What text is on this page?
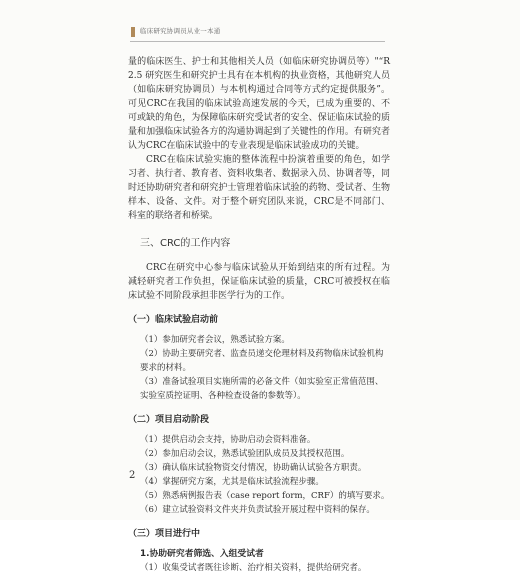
临床研究协调员从业一本通

量的临床医生、护士和其他相关人员（如临床研究协调员等）"“R2.5 研究医生和研究护士具有在本机构的执业资格，其他研究人员（如临床研究协调员）与本机构通过合同等方式约定提供服务”。可见CRC在我国的临床试验高速发展的今天，已成为重要的、不可或缺的角色，为保障临床研究受试者的安全、保证临床试验的质量和加强临床试验各方的沟通协调起到了关键性的作用。有研究者认为CRC在临床试验中的专业表现是临床试验成功的关键。

CRC在临床试验实施的整体流程中扮演着重要的角色，如学习者、执行者、教育者、资料收集者、数据录入员、协调者等，同时还协助研究者和研究护士管理着临床试验的药物、受试者、生物样本、设备、文件。对于整个研究团队来说，CRC是不同部门、科室的联络者和桥梁。

三、CRC的工作内容

CRC在研究中心参与临床试验从开始到结束的所有过程。为减轻研究者工作负担，保证临床试验的质量，CRC可被授权在临床试验不同阶段承担非医学行为的工作。

（一）临床试验启动前
（1）参加研究者会议，熟悉试验方案。
（2）协助主要研究者、监查员递交伦理材料及药物临床试验机构要求的材料。
（3）准备试验项目实施所需的必备文件（如实验室正常值范围、实验室质控证明、各种检查设备的参数等）。
（二）项目启动阶段
（1）提供启动会支持，协助启动会资料准备。
（2）参加启动会议，熟悉试验团队成员及其授权范围。
（3）确认临床试验物资交付情况，协助确认试验各方职责。
（4）掌握研究方案，尤其是临床试验流程步骤。
（5）熟悉病例报告表（case report form，CRF）的填写要求。
（6）建立试验资料文件夹并负责试验开展过程中资料的保存。
（三）项目进行中
1.协助研究者筛选、入组受试者
（1）收集受试者既往诊断、治疗相关资料，提供给研究者。
2
